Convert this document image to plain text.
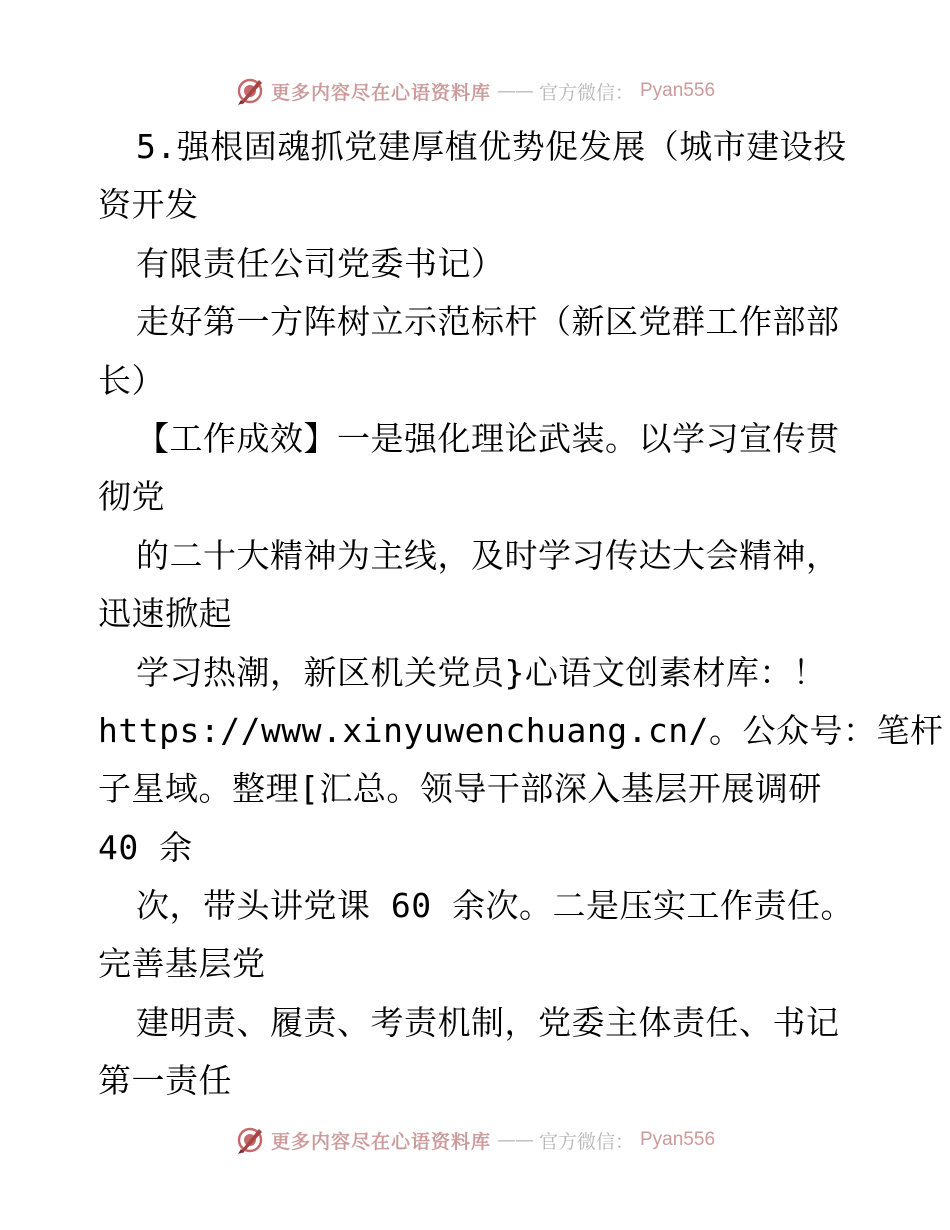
更多内容尽在心语资料库 —— 官方微信： Pyan556
5.强根固魂抓党建厚植优势促发展（城市建设投
资开发
有限责任公司党委书记）
走好第一方阵树立示范标杆（新区党群工作部部
长）
【工作成效】一是强化理论武装。以学习宣传贯
彻党
的二十大精神为主线，及时学习传达大会精神，
迅速掀起
学习热潮，新区机关党员}心语文创素材库：！
https://www.xinyuwenchuang.cn/。公众号：笔杆
子星域。整理[汇总。领导干部深入基层开展调研
40 余
次，带头讲党课 60 余次。二是压实工作责任。
完善基层党
建明责、履责、考责机制，党委主体责任、书记
第一责任
更多内容尽在心语资料库 —— 官方微信： Pyan556
